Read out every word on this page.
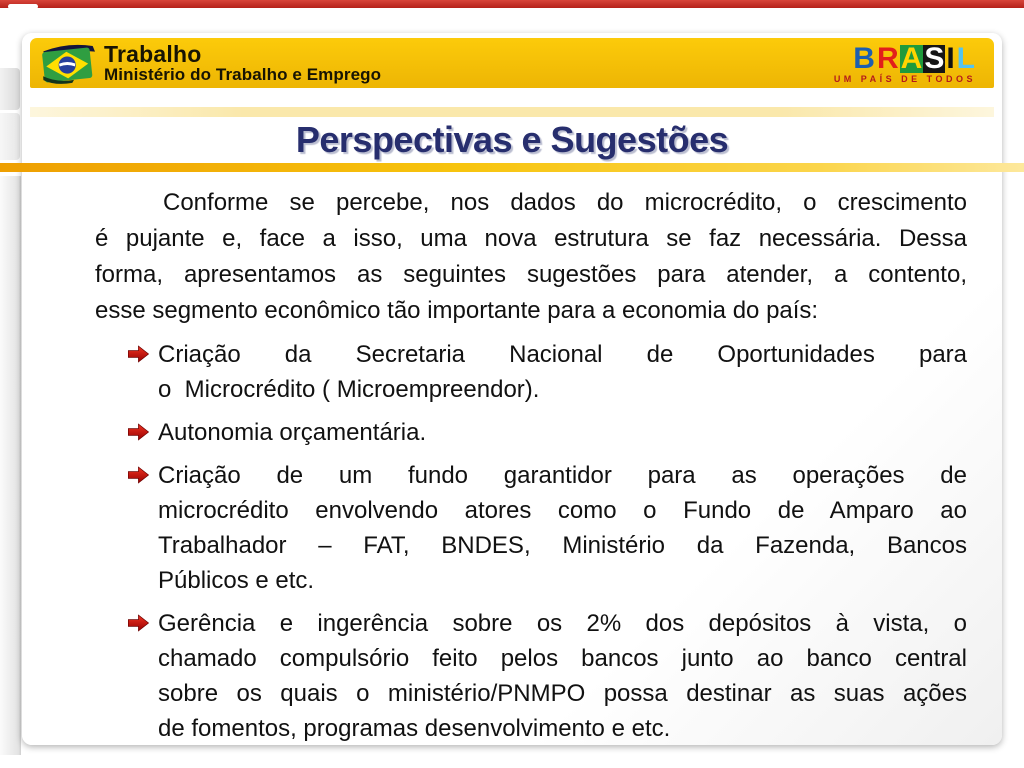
Trabalho
Ministério do Trabalho e Emprego	B R A S I L
UM PAÍS DE TODOS
Perspectivas e Sugestões
Conforme se percebe, nos dados do microcrédito, o crescimento
é pujante e, face a isso, uma nova estrutura se faz necessária. Dessa
forma, apresentamos as seguintes sugestões para atender, a contento,
esse segmento econômico tão importante para a economia do país:
Criação da Secretaria Nacional de Oportunidades para
o  Microcrédito ( Microempreendor).
Autonomia orçamentária.
Criação de um fundo garantidor para as operações de
microcrédito envolvendo atores como o Fundo de Amparo ao
Trabalhador – FAT, BNDES, Ministério da Fazenda, Bancos
Públicos e etc.
Gerência e ingerência sobre os 2% dos depósitos à vista, o
chamado compulsório feito pelos bancos junto ao banco central
sobre os quais o ministério/PNMPO possa destinar as suas ações
de fomentos, programas desenvolvimento e etc.
